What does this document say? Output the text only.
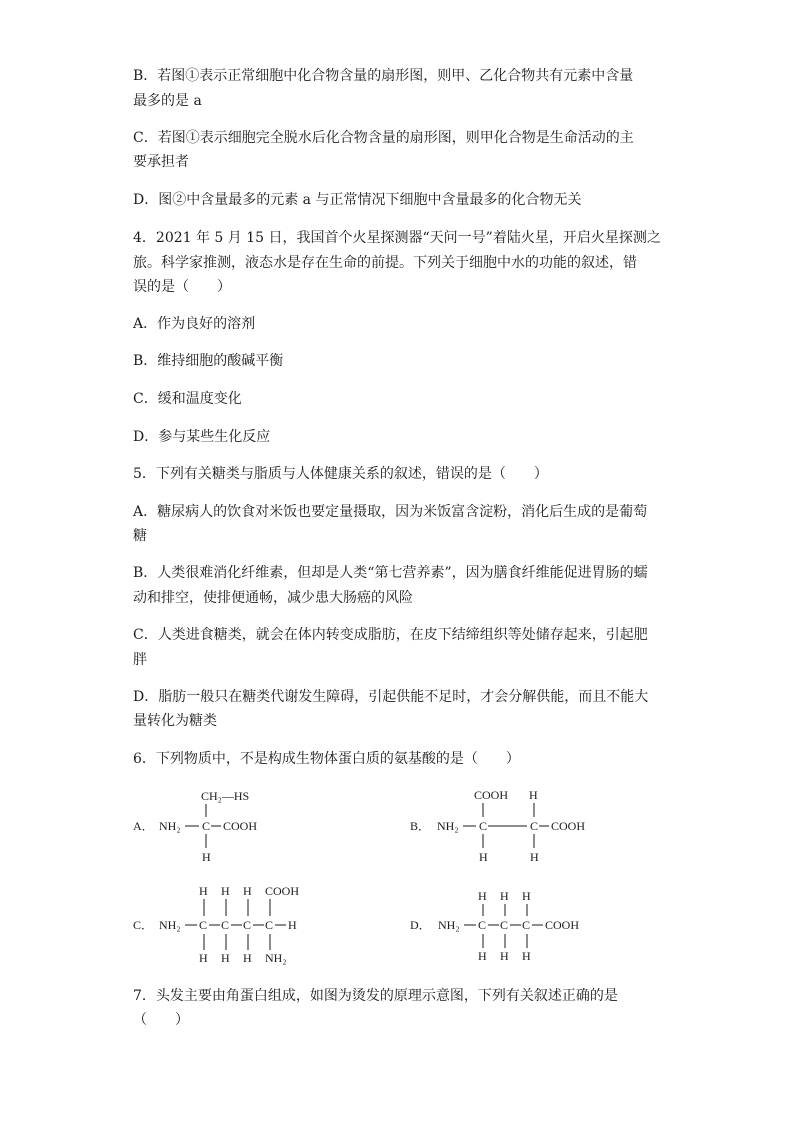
B．若图①表示正常细胞中化合物含量的扇形图，则甲、乙化合物共有元素中含量
最多的是 a
C．若图①表示细胞完全脱水后化合物含量的扇形图，则甲化合物是生命活动的主
要承担者
D．图②中含量最多的元素 a 与正常情况下细胞中含量最多的化合物无关
4．2021 年 5 月 15 日，我国首个火星探测器“天问一号”着陆火星，开启火星探测之
旅。科学家推测，液态水是存在生命的前提。下列关于细胞中水的功能的叙述，错
误的是（　　）
A．作为良好的溶剂
B．维持细胞的酸碱平衡
C．缓和温度变化
D．参与某些生化反应
5．下列有关糖类与脂质与人体健康关系的叙述，错误的是（　　）
A．糖尿病人的饮食对米饭也要定量摄取，因为米饭富含淀粉，消化后生成的是葡萄
糖
B．人类很难消化纤维素，但却是人类“第七营养素”，因为膳食纤维能促进胃肠的蠕
动和排空，使排便通畅，减少患大肠癌的风险
C．人类进食糖类，就会在体内转变成脂肪，在皮下结缔组织等处储存起来，引起肥
胖
D．脂肪一般只在糖类代谢发生障碍，引起供能不足时，才会分解供能，而且不能大
量转化为糖类
6．下列物质中，不是构成生物体蛋白质的氨基酸的是（　　）
A．
CH₂—HS
NH₂ C COOH
H
B．
COOH H
NH₂ C	C COOH
H	H
C．
H H H COOH
NH₂ C C C C H
H H H NH₂
D．
H H H
NH₂ C C C COOH
H H H
7．头发主要由角蛋白组成，如图为烫发的原理示意图，下列有关叙述正确的是
（　　）
